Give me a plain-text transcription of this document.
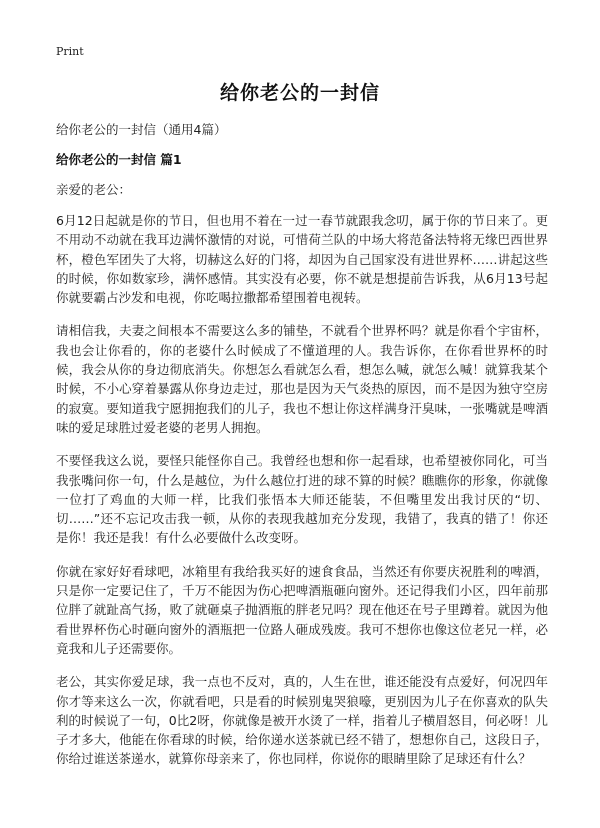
Print
给你老公的一封信
给你老公的一封信（通用4篇）
给你老公的一封信 篇1
亲爱的老公：

6月12日起就是你的节日，但也用不着在一过一春节就跟我念叨，属于你的节日来了。更不用动不动就在我耳边满怀激情的对说，可惜荷兰队的中场大将范备法特将无缘巴西世界杯，橙色军团失了大将，切赫这么好的门将，却因为自己国家没有进世界杯……讲起这些的时候，你如数家珍，满怀感情。其实没有必要，你不就是想提前告诉我，从6月13号起你就要霸占沙发和电视，你吃喝拉撒都希望围着电视转。

请相信我，夫妻之间根本不需要这么多的铺垫，不就看个世界杯吗？就是你看个宇宙杯，我也会让你看的，你的老婆什么时候成了不懂道理的人。我告诉你，在你看世界杯的时候，我会从你的身边彻底消失。你想怎么看就怎么看，想怎么喊，就怎么喊！就算我某个时候，不小心穿着暴露从你身边走过，那也是因为天气炎热的原因，而不是因为独守空房的寂寞。要知道我宁愿拥抱我们的儿子，我也不想让你这样满身汗臭味，一张嘴就是啤酒味的爱足球胜过爱老婆的老男人拥抱。

不要怪我这么说，要怪只能怪你自己。我曾经也想和你一起看球，也希望被你同化，可当我张嘴问你一句，什么是越位，为什么越位打进的球不算的时候？瞧瞧你的形象，你就像一位打了鸡血的大师一样，比我们张悟本大师还能装，不但嘴里发出我讨厌的“切、切……”还不忘记攻击我一顿，从你的表现我越加充分发现，我错了，我真的错了！你还是你！我还是我！有什么必要做什么改变呀。

你就在家好好看球吧，冰箱里有我给我买好的速食食品，当然还有你要庆祝胜利的啤酒，只是你一定要记住了，千万不能因为伤心把啤酒瓶砸向窗外。还记得我们小区，四年前那位胖了就趾高气扬，败了就砸桌子抛酒瓶的胖老兄吗？现在他还在号子里蹲着。就因为他看世界杯伤心时砸向窗外的酒瓶把一位路人砸成残废。我可不想你也像这位老兄一样，必竟我和儿子还需要你。

老公，其实你爱足球，我一点也不反对，真的，人生在世，谁还能没有点爱好，何况四年你才等来这么一次，你就看吧，只是看的时候别鬼哭狼嚎，更别因为儿子在你喜欢的队失利的时候说了一句，0比2呀，你就像是被开水烫了一样，指着儿子横眉怒目，何必呀！儿子才多大，他能在你看球的时候，给你递水送茶就已经不错了，想想你自己，这段日子，你给过谁送茶递水，就算你母亲来了，你也同样，你说你的眼睛里除了足球还有什么？
